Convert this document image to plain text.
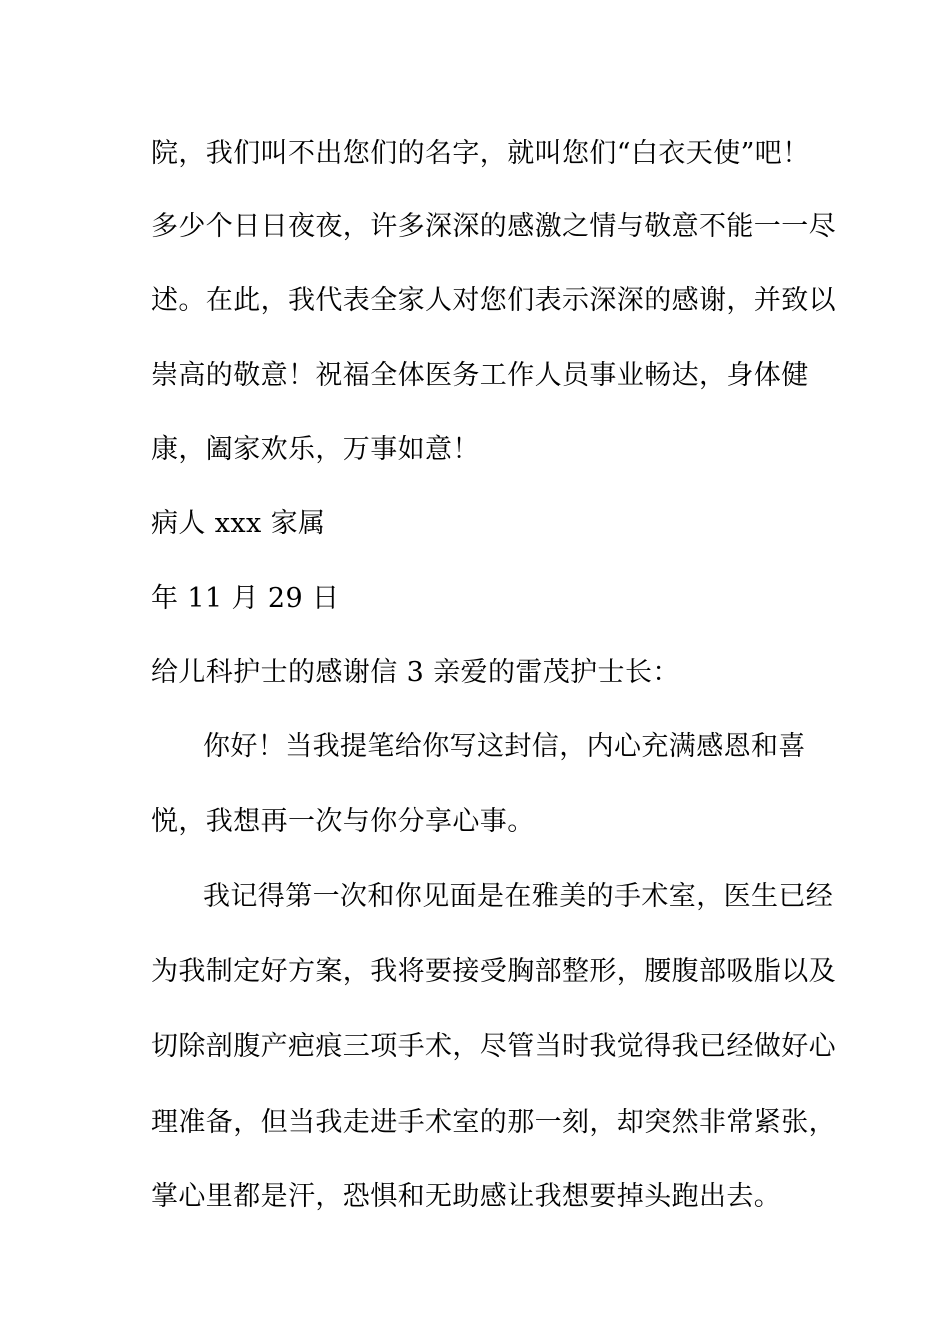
院，我们叫不出您们的名字，就叫您们“白衣天使”吧！
多少个日日夜夜，许多深深的感激之情与敬意不能一一尽
述。在此，我代表全家人对您们表示深深的感谢，并致以
崇高的敬意！祝福全体医务工作人员事业畅达，身体健
康，阖家欢乐，万事如意！
病人 xxx 家属
年 11 月 29 日
给儿科护士的感谢信 3 亲爱的雷茂护士长：
你好！当我提笔给你写这封信，内心充满感恩和喜
悦，我想再一次与你分享心事。
我记得第一次和你见面是在雅美的手术室，医生已经
为我制定好方案，我将要接受胸部整形，腰腹部吸脂以及
切除剖腹产疤痕三项手术，尽管当时我觉得我已经做好心
理准备，但当我走进手术室的那一刻，却突然非常紧张，
掌心里都是汗，恐惧和无助感让我想要掉头跑出去。
